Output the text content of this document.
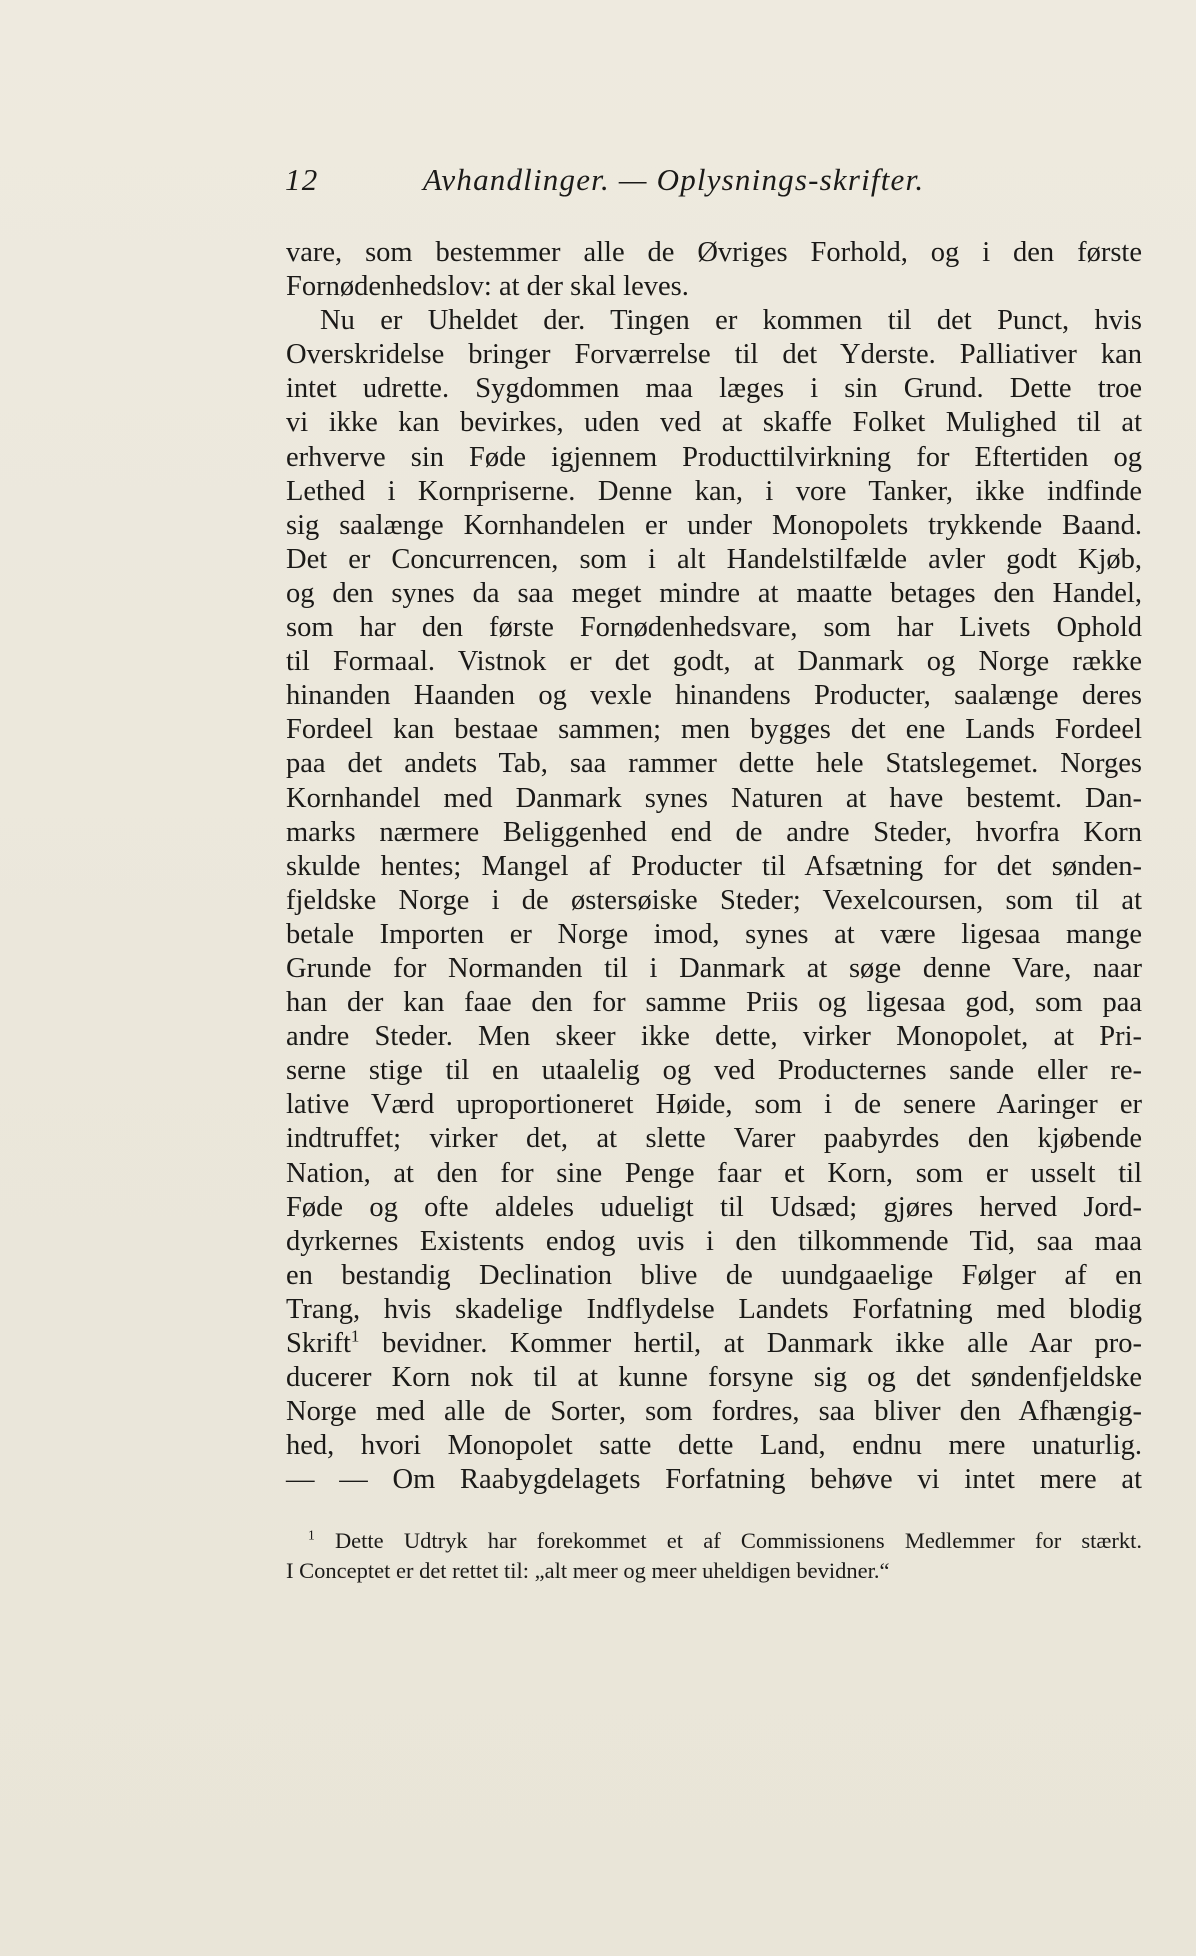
12	Avhandlinger. — Oplysnings-skrifter.
vare, som bestemmer alle de Øvriges Forhold, og i den første
Fornødenhedslov: at der skal leves.
Nu er Uheldet der. Tingen er kommen til det Punct, hvis
Overskridelse bringer Forværrelse til det Yderste. Palliativer kan
intet udrette. Sygdommen maa læges i sin Grund. Dette troe
vi ikke kan bevirkes, uden ved at skaffe Folket Mulighed til at
erhverve sin Føde igjennem Producttilvirkning for Eftertiden og
Lethed i Kornpriserne. Denne kan, i vore Tanker, ikke indfinde
sig saalænge Kornhandelen er under Monopolets trykkende Baand.
Det er Concurrencen, som i alt Handelstilfælde avler godt Kjøb,
og den synes da saa meget mindre at maatte betages den Handel,
som har den første Fornødenhedsvare, som har Livets Ophold
til Formaal. Vistnok er det godt, at Danmark og Norge række
hinanden Haanden og vexle hinandens Producter, saalænge deres
Fordeel kan bestaae sammen; men bygges det ene Lands Fordeel
paa det andets Tab, saa rammer dette hele Statslegemet. Norges
Kornhandel med Danmark synes Naturen at have bestemt. Dan-
marks nærmere Beliggenhed end de andre Steder, hvorfra Korn
skulde hentes; Mangel af Producter til Afsætning for det sønden-
fjeldske Norge i de østersøiske Steder; Vexelcoursen, som til at
betale Importen er Norge imod, synes at være ligesaa mange
Grunde for Normanden til i Danmark at søge denne Vare, naar
han der kan faae den for samme Priis og ligesaa god, som paa
andre Steder. Men skeer ikke dette, virker Monopolet, at Pri-
serne stige til en utaalelig og ved Producternes sande eller re-
lative Værd uproportioneret Høide, som i de senere Aaringer er
indtruffet; virker det, at slette Varer paabyrdes den kjøbende
Nation, at den for sine Penge faar et Korn, som er usselt til
Føde og ofte aldeles udueligt til Udsæd; gjøres herved Jord-
dyrkernes Existents endog uvis i den tilkommende Tid, saa maa
en bestandig Declination blive de uundgaaelige Følger af en
Trang, hvis skadelige Indflydelse Landets Forfatning med blodig
Skrift$^1$ bevidner. Kommer hertil, at Danmark ikke alle Aar pro-
ducerer Korn nok til at kunne forsyne sig og det søndenfjeldske
Norge med alle de Sorter, som fordres, saa bliver den Afhængig-
hed, hvori Monopolet satte dette Land, endnu mere unaturlig.
— — Om Raabygdelagets Forfatning behøve vi intet mere at
$^1$ Dette Udtryk har forekommet et af Commissionens Medlemmer for stærkt.
I Conceptet er det rettet til: „alt meer og meer uheldigen bevidner.“
